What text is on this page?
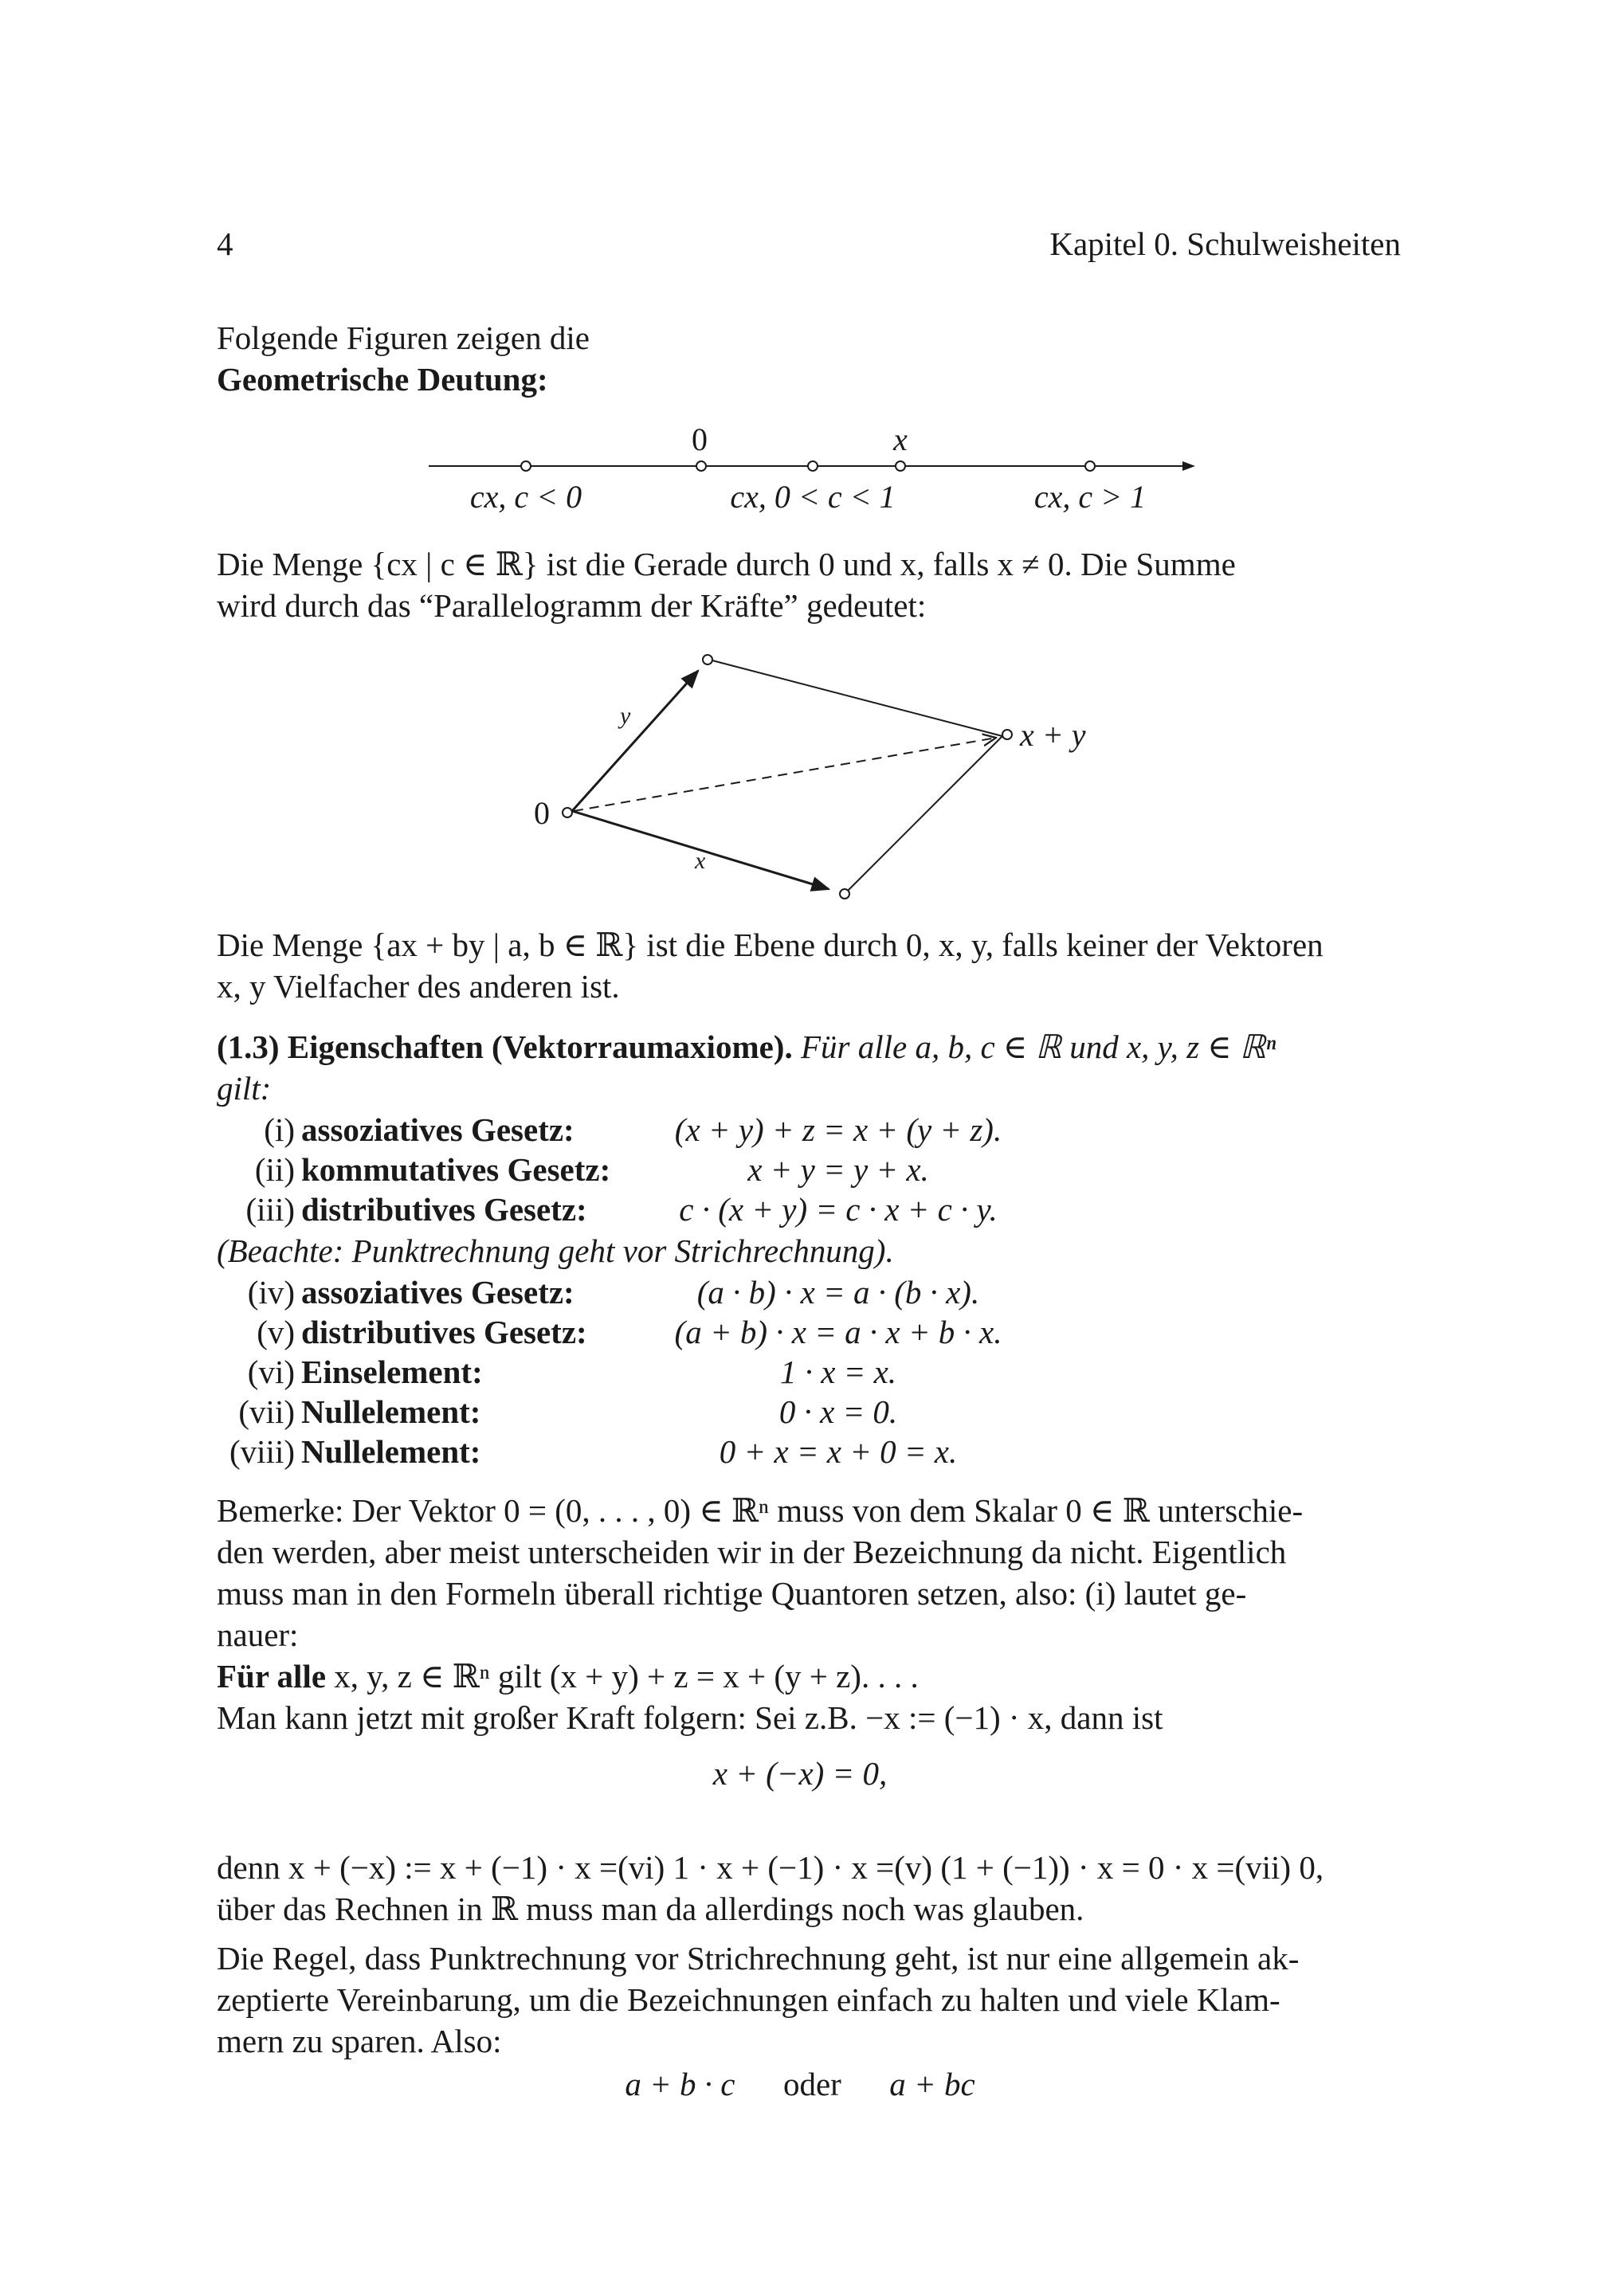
4	Kapitel 0. Schulweisheiten
Folgende Figuren zeigen die
Geometrische Deutung:
0	x
cx, c < 0	cx, 0 < c < 1	cx, c > 1
Die Menge {cx | c ∈ ℝ} ist die Gerade durch 0 und x, falls x ≠ 0. Die Summe
wird durch das “Parallelogramm der Kräfte” gedeutet:
0
y
x
x + y
Die Menge {ax + by | a, b ∈ ℝ} ist die Ebene durch 0, x, y, falls keiner der Vektoren
x, y Vielfacher des anderen ist.
(1.3) Eigenschaften (Vektorraumaxiome). Für alle a, b, c ∈ ℝ und x, y, z ∈ ℝⁿ
gilt:
(i) assoziatives Gesetz:	(x + y) + z = x + (y + z).
(ii) kommutatives Gesetz:	x + y = y + x.
(iii) distributives Gesetz:	c · (x + y) = c · x + c · y.
(iv) assoziatives Gesetz:	(a · b) · x = a · (b · x).
(v) distributives Gesetz:	(a + b) · x = a · x + b · x.
(vi) Einselement:	1 · x = x.
(vii) Nullelement:	0 · x = 0.
(viii) Nullelement:	0 + x = x + 0 = x.
(Beachte: Punktrechnung geht vor Strichrechnung).
Bemerke: Der Vektor 0 = (0, . . . , 0) ∈ ℝⁿ muss von dem Skalar 0 ∈ ℝ unterschie-
den werden, aber meist unterscheiden wir in der Bezeichnung da nicht. Eigentlich
muss man in den Formeln überall richtige Quantoren setzen, also: (i) lautet ge-
nauer:
Für alle x, y, z ∈ ℝⁿ gilt (x + y) + z = x + (y + z). . . .
Man kann jetzt mit großer Kraft folgern: Sei z.B. −x := (−1) · x, dann ist
x + (−x) = 0,
denn x + (−x) := x + (−1) · x =(vi) 1 · x + (−1) · x =(v) (1 + (−1)) · x = 0 · x =(vii) 0,
über das Rechnen in ℝ muss man da allerdings noch was glauben.
Die Regel, dass Punktrechnung vor Strichrechnung geht, ist nur eine allgemein ak-
zeptierte Vereinbarung, um die Bezeichnungen einfach zu halten und viele Klam-
mern zu sparen. Also:
a + b · c oder a + bc
